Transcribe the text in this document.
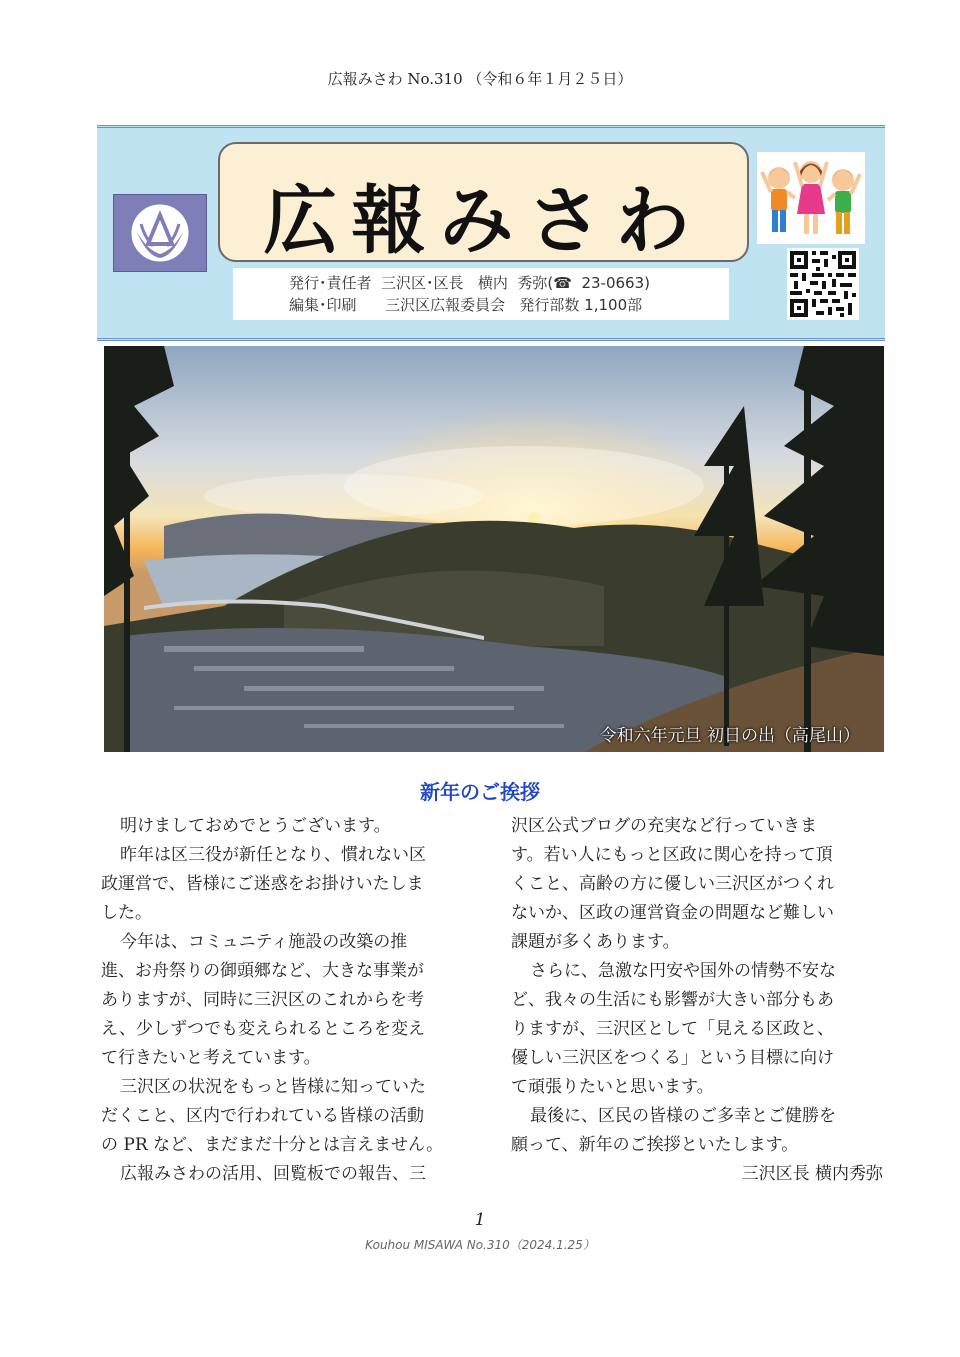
広報みさわ No.310 （令和６年１月２５日）
広報みさわ
発行･責任者  三沢区･区長   横内  秀弥(☎  23-0663)
編集･印刷      三沢区広報委員会   発行部数 1,100部
令和六年元旦 初日の出（高尾山）
新年のご挨拶
明けましておめでとうございます。
昨年は区三役が新任となり、慣れない区
政運営で、皆様にご迷惑をお掛けいたしま
した。
今年は、コミュニティ施設の改築の推
進、お舟祭りの御頭郷など、大きな事業が
ありますが、同時に三沢区のこれからを考
え、少しずつでも変えられるところを変え
て行きたいと考えています。
三沢区の状況をもっと皆様に知っていた
だくこと、区内で行われている皆様の活動
の PR など、まだまだ十分とは言えません。
広報みさわの活用、回覧板での報告、三
沢区公式ブログの充実など行っていきま
す。若い人にもっと区政に関心を持って頂
くこと、高齢の方に優しい三沢区がつくれ
ないか、区政の運営資金の問題など難しい
課題が多くあります。
さらに、急激な円安や国外の情勢不安な
ど、我々の生活にも影響が大きい部分もあ
りますが、三沢区として「見える区政と、
優しい三沢区をつくる」という目標に向け
て頑張りたいと思います。
最後に、区民の皆様のご多幸とご健勝を
願って、新年のご挨拶といたします。
三沢区長 横内秀弥
1
Kouhou MISAWA No.310（2024.1.25）
